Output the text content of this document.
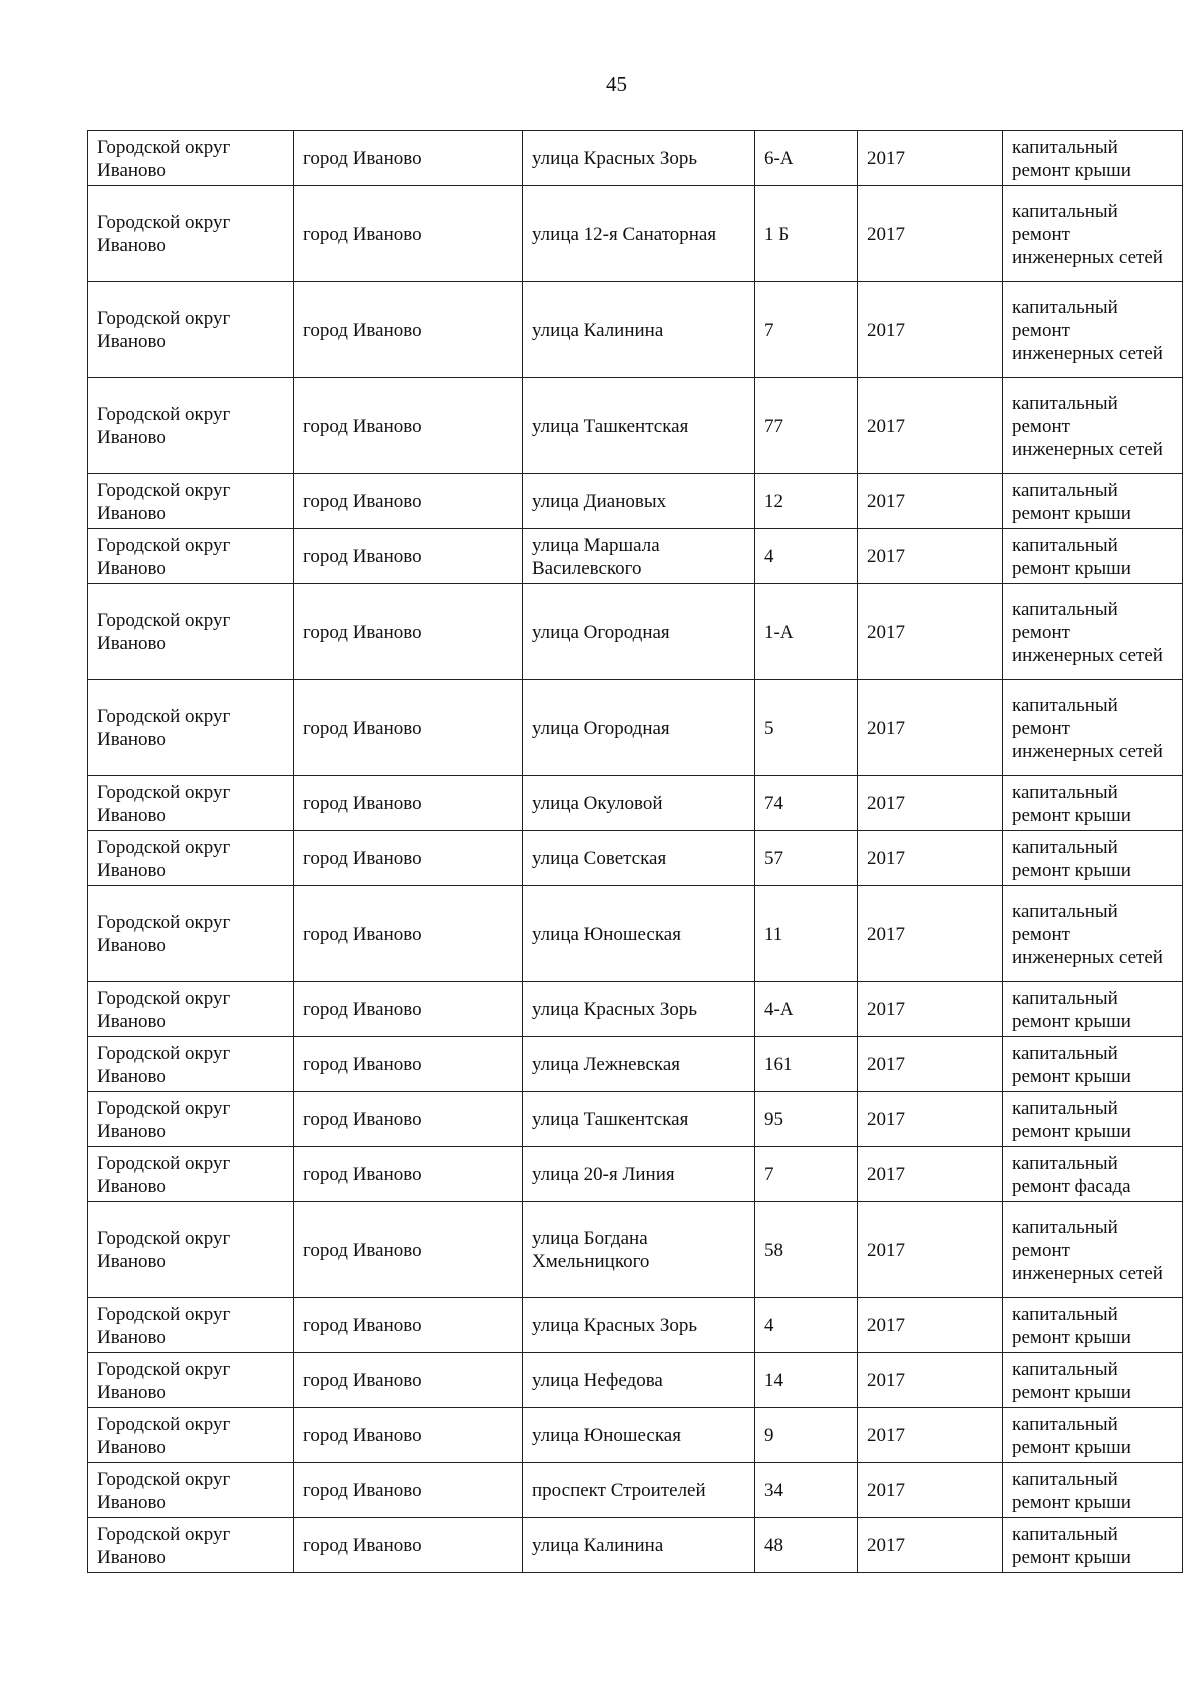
45
Городской округ Иваново	город Иваново	улица Красных Зорь	6-А	2017	капитальный ремонт крыши
Городской округ Иваново	город Иваново	улица 12-я Санаторная	1 Б	2017	капитальный ремонт инженерных сетей
Городской округ Иваново	город Иваново	улица Калинина	7	2017	капитальный ремонт инженерных сетей
Городской округ Иваново	город Иваново	улица Ташкентская	77	2017	капитальный ремонт инженерных сетей
Городской округ Иваново	город Иваново	улица Диановых	12	2017	капитальный ремонт крыши
Городской округ Иваново	город Иваново	улица Маршала Василевского	4	2017	капитальный ремонт крыши
Городской округ Иваново	город Иваново	улица Огородная	1-А	2017	капитальный ремонт инженерных сетей
Городской округ Иваново	город Иваново	улица Огородная	5	2017	капитальный ремонт инженерных сетей
Городской округ Иваново	город Иваново	улица Окуловой	74	2017	капитальный ремонт крыши
Городской округ Иваново	город Иваново	улица Советская	57	2017	капитальный ремонт крыши
Городской округ Иваново	город Иваново	улица Юношеская	11	2017	капитальный ремонт инженерных сетей
Городской округ Иваново	город Иваново	улица Красных Зорь	4-А	2017	капитальный ремонт крыши
Городской округ Иваново	город Иваново	улица Лежневская	161	2017	капитальный ремонт крыши
Городской округ Иваново	город Иваново	улица Ташкентская	95	2017	капитальный ремонт крыши
Городской округ Иваново	город Иваново	улица 20-я Линия	7	2017	капитальный ремонт фасада
Городской округ Иваново	город Иваново	улица Богдана Хмельницкого	58	2017	капитальный ремонт инженерных сетей
Городской округ Иваново	город Иваново	улица Красных Зорь	4	2017	капитальный ремонт крыши
Городской округ Иваново	город Иваново	улица Нефедова	14	2017	капитальный ремонт крыши
Городской округ Иваново	город Иваново	улица Юношеская	9	2017	капитальный ремонт крыши
Городской округ Иваново	город Иваново	проспект Строителей	34	2017	капитальный ремонт крыши
Городской округ Иваново	город Иваново	улица Калинина	48	2017	капитальный ремонт крыши
